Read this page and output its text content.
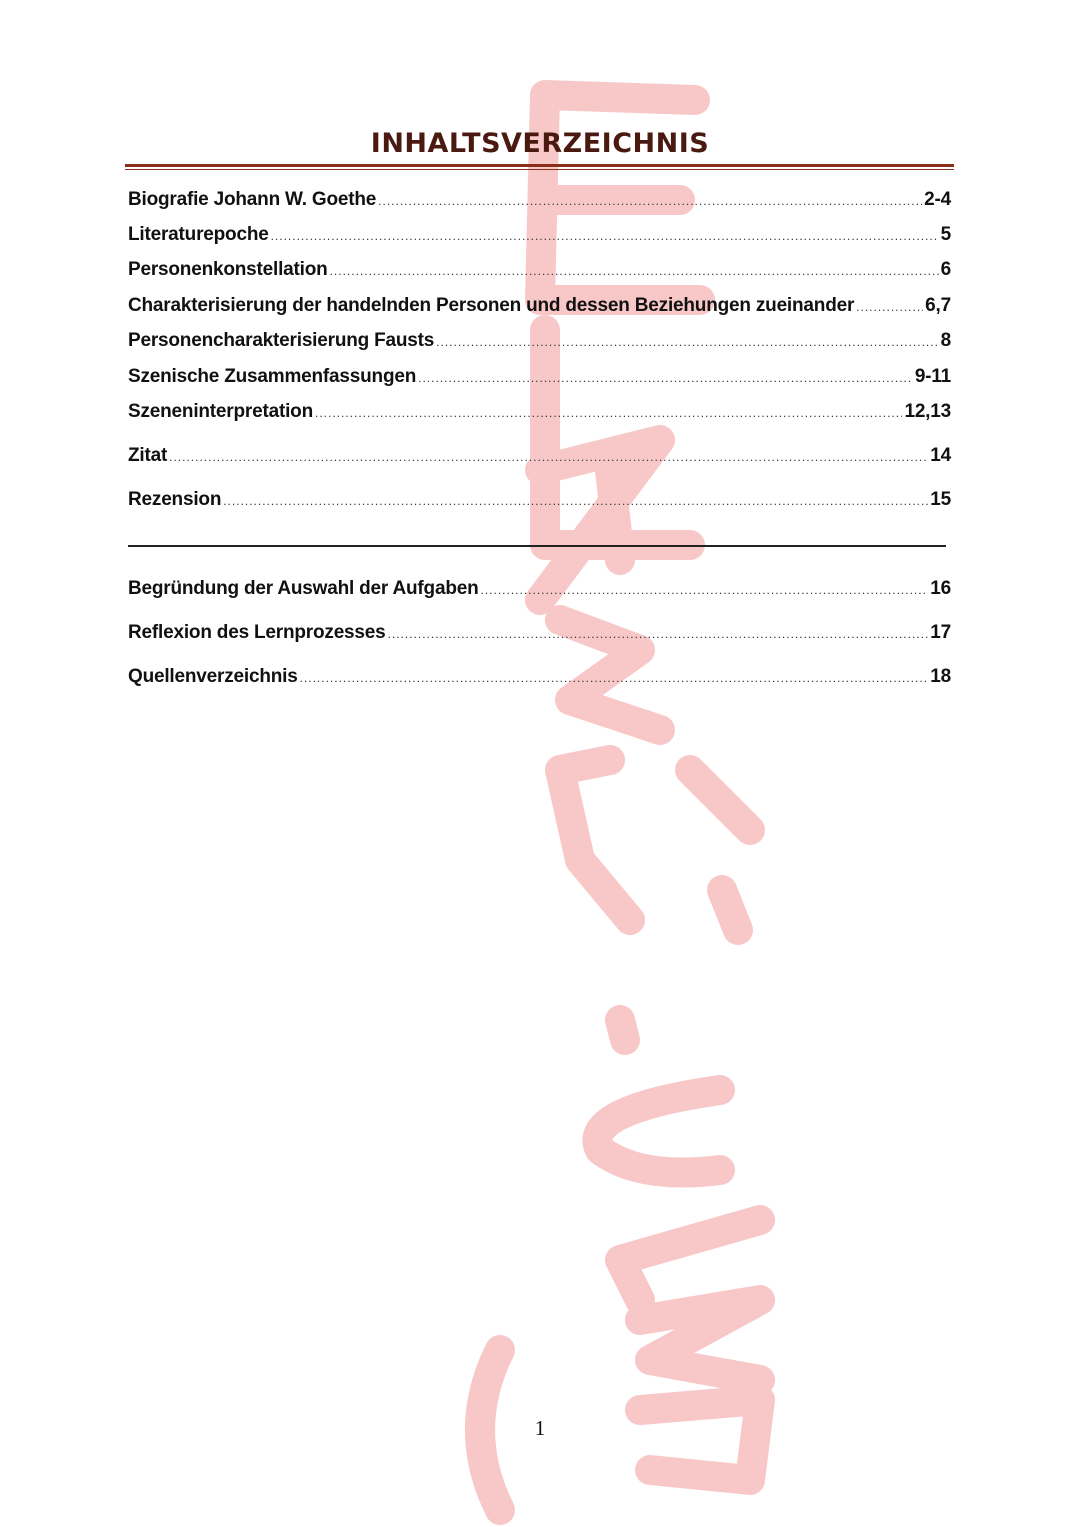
INHALTSVERZEICHNIS
Biografie Johann W. Goethe .....	2-4
Literaturepoche .....	5
Personenkonstellation .....	6
Charakterisierung der handelnden Personen und dessen Beziehungen zueinander .....	6,7
Personencharakterisierung Fausts .....	8
Szenische Zusammenfassungen .....	9-11
Szeneninterpretation .....	12,13
Zitat .....	14
Rezension .....	15
Begründung der Auswahl der Aufgaben .....	16
Reflexion des Lernprozesses .....	17
Quellenverzeichnis .....	18
1
